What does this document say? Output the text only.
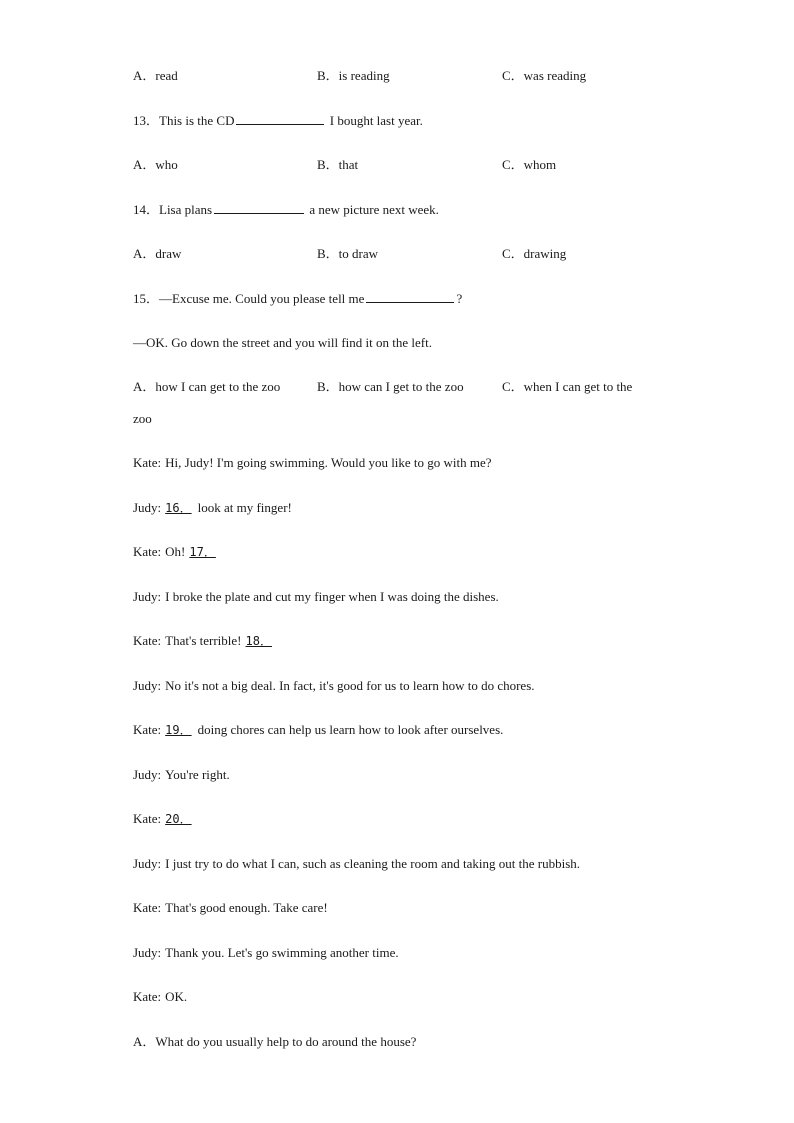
A．read	B．is reading	C．was reading
13．This is the CD	I bought last year.
A．who	B．that	C．whom
14．Lisa plans	a new picture next week.
A．draw	B．to draw	C．drawing
15．—Excuse me. Could you please tell me	?
—OK. Go down the street and you will find it on the left.
A．how I can get to the zoo	B．how can I get to the zoo	C．when I can get to the
zoo
Kate: Hi, Judy! I'm going swimming. Would you like to go with me?
Judy: 16． look at my finger!
Kate: Oh! 17．
Judy: I broke the plate and cut my finger when I was doing the dishes.
Kate: That's terrible! 18．
Judy: No it's not a big deal. In fact, it's good for us to learn how to do chores.
Kate: 19． doing chores can help us learn how to look after ourselves.
Judy: You're right.
Kate: 20．
Judy: I just try to do what I can, such as cleaning the room and taking out the rubbish.
Kate: That's good enough. Take care!
Judy: Thank you. Let's go swimming another time.
Kate: OK.
A．What do you usually help to do around the house?
